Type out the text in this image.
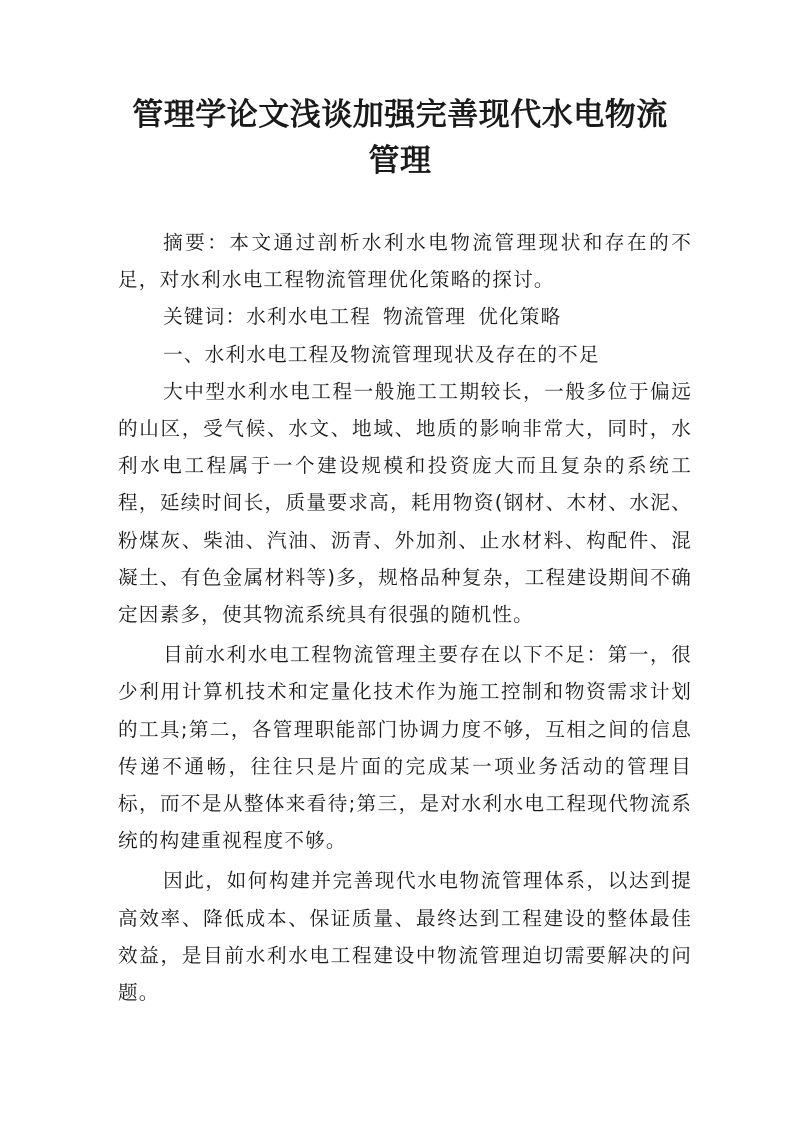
管理学论文浅谈加强完善现代水电物流管理

摘要：本文通过剖析水利水电物流管理现状和存在的不足，对水利水电工程物流管理优化策略的探讨。

关键词：水利水电工程 物流管理 优化策略

一、水利水电工程及物流管理现状及存在的不足

大中型水利水电工程一般施工工期较长，一般多位于偏远的山区，受气候、水文、地域、地质的影响非常大，同时，水利水电工程属于一个建设规模和投资庞大而且复杂的系统工程，延续时间长，质量要求高，耗用物资(钢材、木材、水泥、粉煤灰、柴油、汽油、沥青、外加剂、止水材料、构配件、混凝土、有色金属材料等)多，规格品种复杂，工程建设期间不确定因素多，使其物流系统具有很强的随机性。

目前水利水电工程物流管理主要存在以下不足：第一，很少利用计算机技术和定量化技术作为施工控制和物资需求计划的工具;第二，各管理职能部门协调力度不够，互相之间的信息传递不通畅，往往只是片面的完成某一项业务活动的管理目标，而不是从整体来看待;第三，是对水利水电工程现代物流系统的构建重视程度不够。

因此，如何构建并完善现代水电物流管理体系，以达到提高效率、降低成本、保证质量、最终达到工程建设的整体最佳效益，是目前水利水电工程建设中物流管理迫切需要解决的问题。
